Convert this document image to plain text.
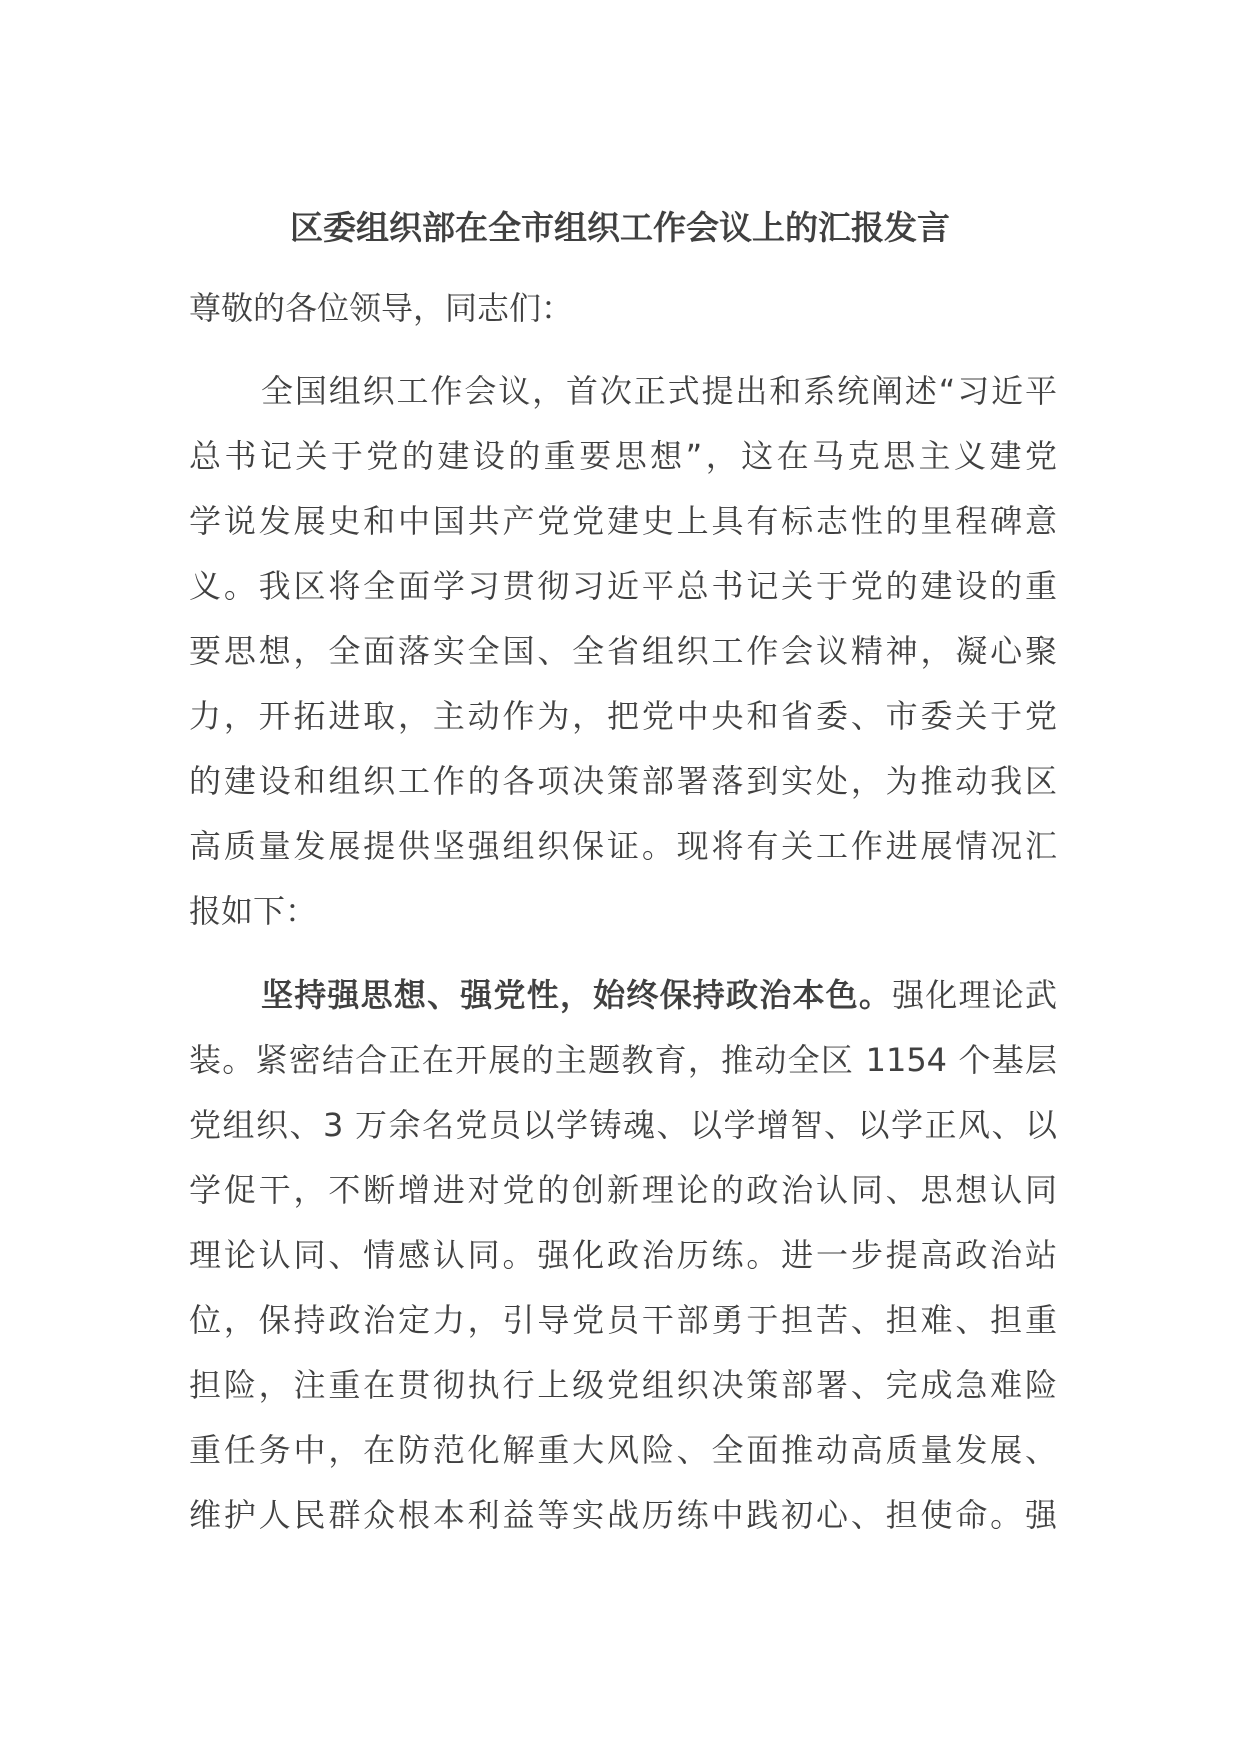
区委组织部在全市组织工作会议上的汇报发言
尊敬的各位领导，同志们：
全国组织工作会议，首次正式提出和系统阐述“习近平
总书记关于党的建设的重要思想”，这在马克思主义建党
学说发展史和中国共产党党建史上具有标志性的里程碑意
义。我区将全面学习贯彻习近平总书记关于党的建设的重
要思想，全面落实全国、全省组织工作会议精神，凝心聚
力，开拓进取，主动作为，把党中央和省委、市委关于党
的建设和组织工作的各项决策部署落到实处，为推动我区
高质量发展提供坚强组织保证。现将有关工作进展情况汇
报如下：
坚持强思想、强党性，始终保持政治本色。强化理论武
装。紧密结合正在开展的主题教育，推动全区 1154 个基层
党组织、3 万余名党员以学铸魂、以学增智、以学正风、以
学促干，不断增进对党的创新理论的政治认同、思想认同
理论认同、情感认同。强化政治历练。进一步提高政治站
位，保持政治定力，引导党员干部勇于担苦、担难、担重
担险，注重在贯彻执行上级党组织决策部署、完成急难险
重任务中，在防范化解重大风险、全面推动高质量发展、
维护人民群众根本利益等实战历练中践初心、担使命。强
